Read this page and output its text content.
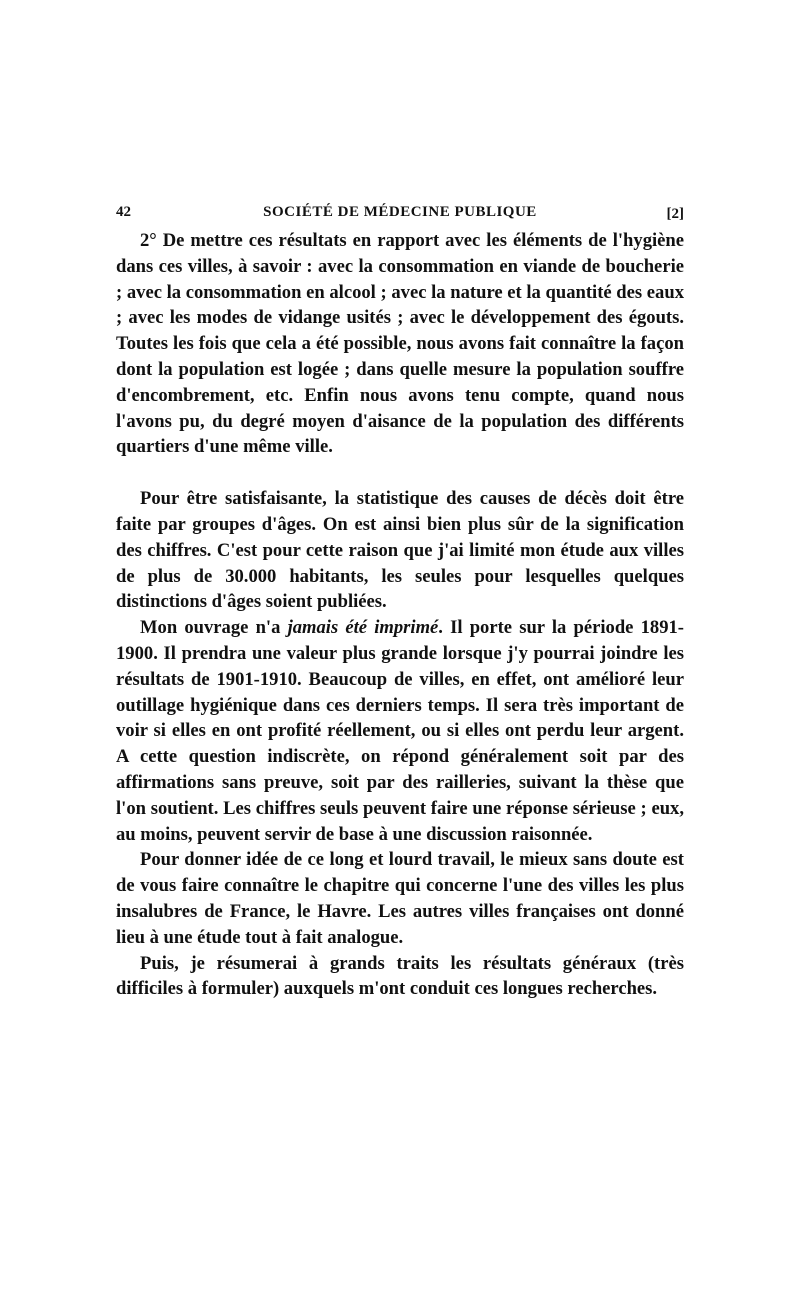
42	SOCIÉTÉ DE MÉDECINE PUBLIQUE	[2]

2° De mettre ces résultats en rapport avec les éléments de l'hygiène dans ces villes, à savoir : avec la consommation en viande de boucherie ; avec la consommation en alcool ; avec la nature et la quantité des eaux ; avec les modes de vidange usités ; avec le développement des égouts. Toutes les fois que cela a été possible, nous avons fait connaître la façon dont la population est logée ; dans quelle mesure la population souffre d'encombrement, etc. Enfin nous avons tenu compte, quand nous l'avons pu, du degré moyen d'aisance de la population des différents quartiers d'une même ville.

Pour être satisfaisante, la statistique des causes de décès doit être faite par groupes d'âges. On est ainsi bien plus sûr de la signification des chiffres. C'est pour cette raison que j'ai limité mon étude aux villes de plus de 30.000 habitants, les seules pour lesquelles quelques distinctions d'âges soient publiées.

Mon ouvrage n'a jamais été imprimé. Il porte sur la période 1891-1900. Il prendra une valeur plus grande lorsque j'y pourrai joindre les résultats de 1901-1910. Beaucoup de villes, en effet, ont amélioré leur outillage hygiénique dans ces derniers temps. Il sera très important de voir si elles en ont profité réellement, ou si elles ont perdu leur argent. A cette question indiscrète, on répond généralement soit par des affirmations sans preuve, soit par des railleries, suivant la thèse que l'on soutient. Les chiffres seuls peuvent faire une réponse sérieuse ; eux, au moins, peuvent servir de base à une discussion raisonnée.

Pour donner idée de ce long et lourd travail, le mieux sans doute est de vous faire connaître le chapitre qui concerne l'une des villes les plus insalubres de France, le Havre. Les autres villes françaises ont donné lieu à une étude tout à fait analogue.

Puis, je résumerai à grands traits les résultats généraux (très difficiles à formuler) auxquels m'ont conduit ces longues recherches.
